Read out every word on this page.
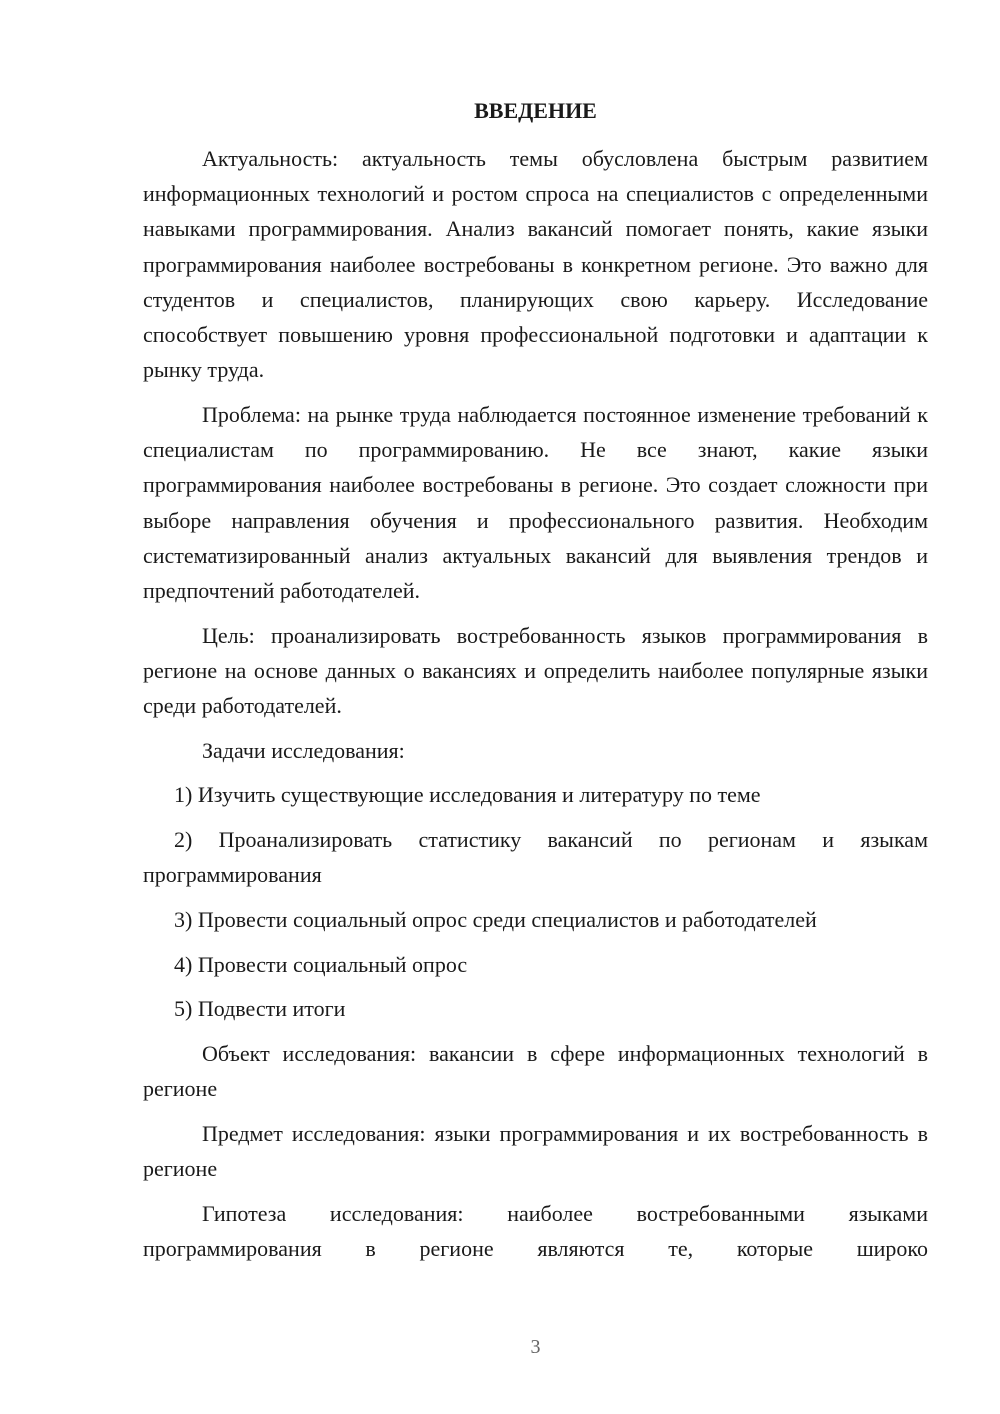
ВВЕДЕНИЕ

Актуальность: актуальность темы обусловлена быстрым развитием информационных технологий и ростом спроса на специалистов с определенными навыками программирования. Анализ вакансий помогает понять, какие языки программирования наиболее востребованы в конкретном регионе. Это важно для студентов и специалистов, планирующих свою карьеру. Исследование способствует повышению уровня профессиональной подготовки и адаптации к рынку труда.

Проблема: на рынке труда наблюдается постоянное изменение требований к специалистам по программированию. Не все знают, какие языки программирования наиболее востребованы в регионе. Это создает сложности при выборе направления обучения и профессионального развития. Необходим систематизированный анализ актуальных вакансий для выявления трендов и предпочтений работодателей.

Цель: проанализировать востребованность языков программирования в регионе на основе данных о вакансиях и определить наиболее популярные языки среди работодателей.

Задачи исследования:

1) Изучить существующие исследования и литературу по теме

2) Проанализировать статистику вакансий по регионам и языкам программирования

3) Провести социальный опрос среди специалистов и работодателей

4) Провести социальный опрос

5) Подвести итоги

Объект исследования: вакансии в сфере информационных технологий в регионе

Предмет исследования: языки программирования и их востребованность в регионе

Гипотеза исследования: наиболее востребованными языками программирования в регионе являются те, которые широко

3
